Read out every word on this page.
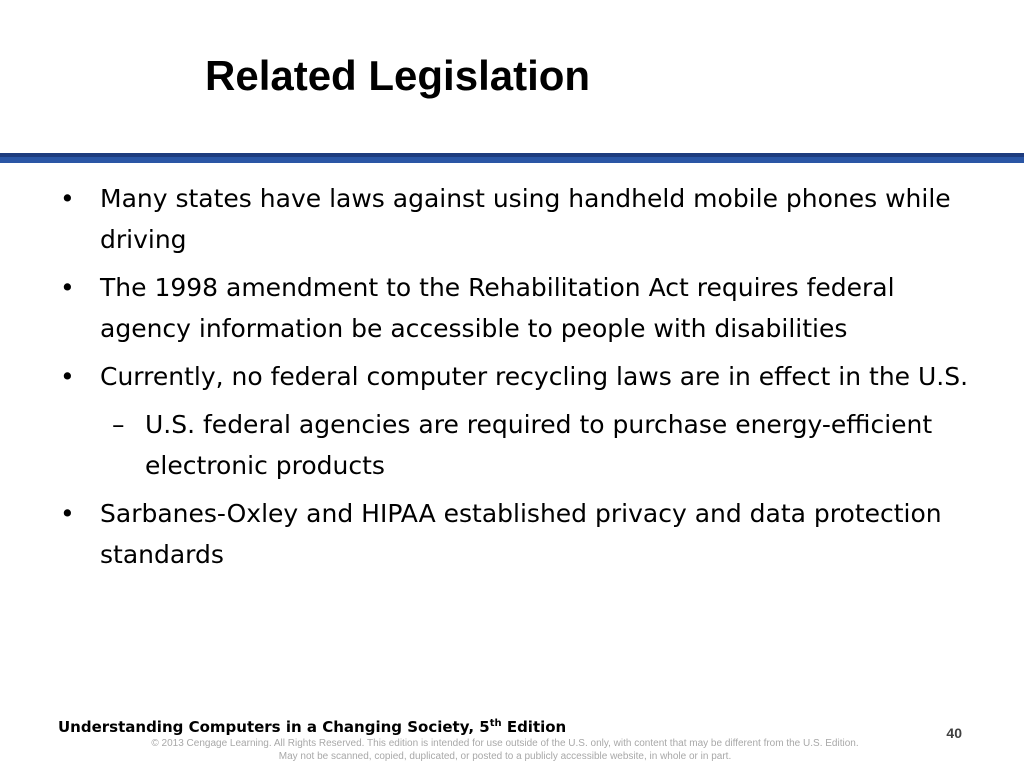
Related Legislation
• Many states have laws against using handheld mobile phones while driving
• The 1998 amendment to the Rehabilitation Act requires federal agency information be accessible to people with disabilities
• Currently, no federal computer recycling laws are in effect in the U.S.
– U.S. federal agencies are required to purchase energy-efficient electronic products
• Sarbanes-Oxley and HIPAA established privacy and data protection standards
Understanding Computers in a Changing Society, 5th Edition	40
© 2013 Cengage Learning. All Rights Reserved. This edition is intended for use outside of the U.S. only, with content that may be different from the U.S. Edition.
May not be scanned, copied, duplicated, or posted to a publicly accessible website, in whole or in part.
